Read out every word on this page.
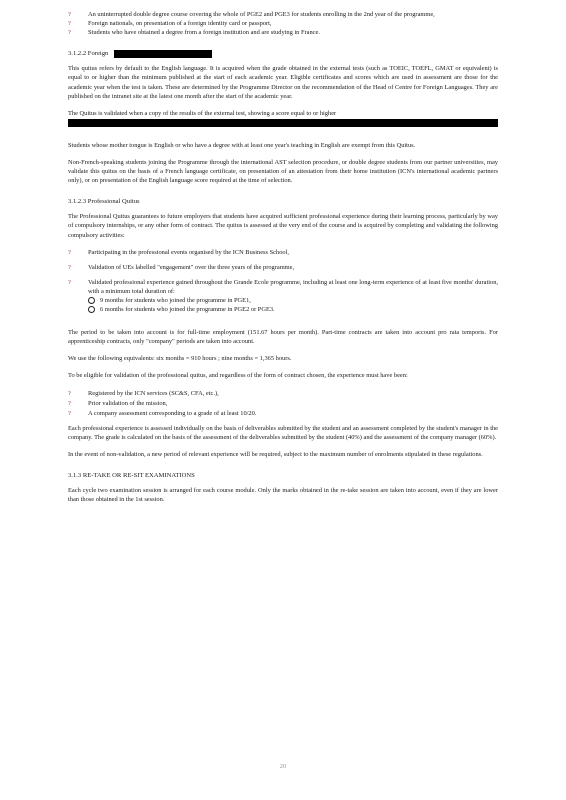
?	An uninterrupted double degree course covering the whole of PGE2 and PGE3 for students enrolling in the 2nd year of the programme,

?	Foreign nationals, on presentation of a foreign identity card or passport,

?	Students who have obtained a degree from a foreign institution and are studying in France.

3.1.2.2 Foreign

This quitus refers by default to the English language. It is acquired when the grade obtained in the external tests (such as TOEIC, TOEFL, GMAT or equivalent) is equal to or higher than the minimum published at the start of each academic year. Eligible certificates and scores which are used in assessment are those for the academic year when the test is taken. These are determined by the Programme Director on the recommendation of the Head of Centre for Foreign Languages. They are published on the intranet site at the latest one month after the start of the academic year.

The Quitus is validated when a copy of the results of the external test, showing a score equal to or higher

Students whose mother tongue is English or who have a degree with at least one year's teaching in English are exempt from this Quitus.

Non-French-speaking students joining the Programme through the international AST selection procedure, or double degree students from our partner universities, may validate this quitus on the basis of a French language certificate, on presentation of an attestation from their home institution (ICN's international academic partners only), or on presentation of the English language score required at the time of selection.

3.1.2.3 Professional Quitus

The Professional Quitus guarantees to future employers that students have acquired sufficient professional experience during their learning process, particularly by way of compulsory internships, or any other form of contract. The quitus is assessed at the very end of the course and is acquired by completing and validating the following compulsory activities:

?	Participating in the professional events organised by the ICN Business School,

?	Validation of UEs labelled "engagement" over the three years of the programme,

?	Validated professional experience gained throughout the Grande Ecole programme, including at least one long-term experience of at least five months' duration, with a minimum total duration of:

9 months for students who joined the programme in PGE1,

6 months for students who joined the programme in PGE2 or PGE3.

The period to be taken into account is for full-time employment (151.67 hours per month). Part-time contracts are taken into account pro rata temporis. For apprenticeship contracts, only "company" periods are taken into account.

We use the following equivalents: six months = 910 hours ; nine months = 1,365 hours.

To be eligible for validation of the professional quitus, and regardless of the form of contract chosen, the experience must have been:

?	Registered by the ICN services (SC&S, CFA, etc.),

?	Prior validation of the mission,

?	A company assessment corresponding to a grade of at least 10/20.

Each professional experience is assessed individually on the basis of deliverables submitted by the student and an assessment completed by the student's manager in the company. The grade is calculated on the basis of the assessment of the deliverables submitted by the student (40%) and the assessment of the company manager (60%).

In the event of non-validation, a new period of relevant experience will be required, subject to the maximum number of enrolments stipulated in these regulations.

3.1.3 RE-TAKE OR RE-SIT EXAMINATIONS

Each cycle two examination session is arranged for each course module. Only the marks obtained in the re-take session are taken into account, even if they are lower than those obtained in the 1st session.

20
